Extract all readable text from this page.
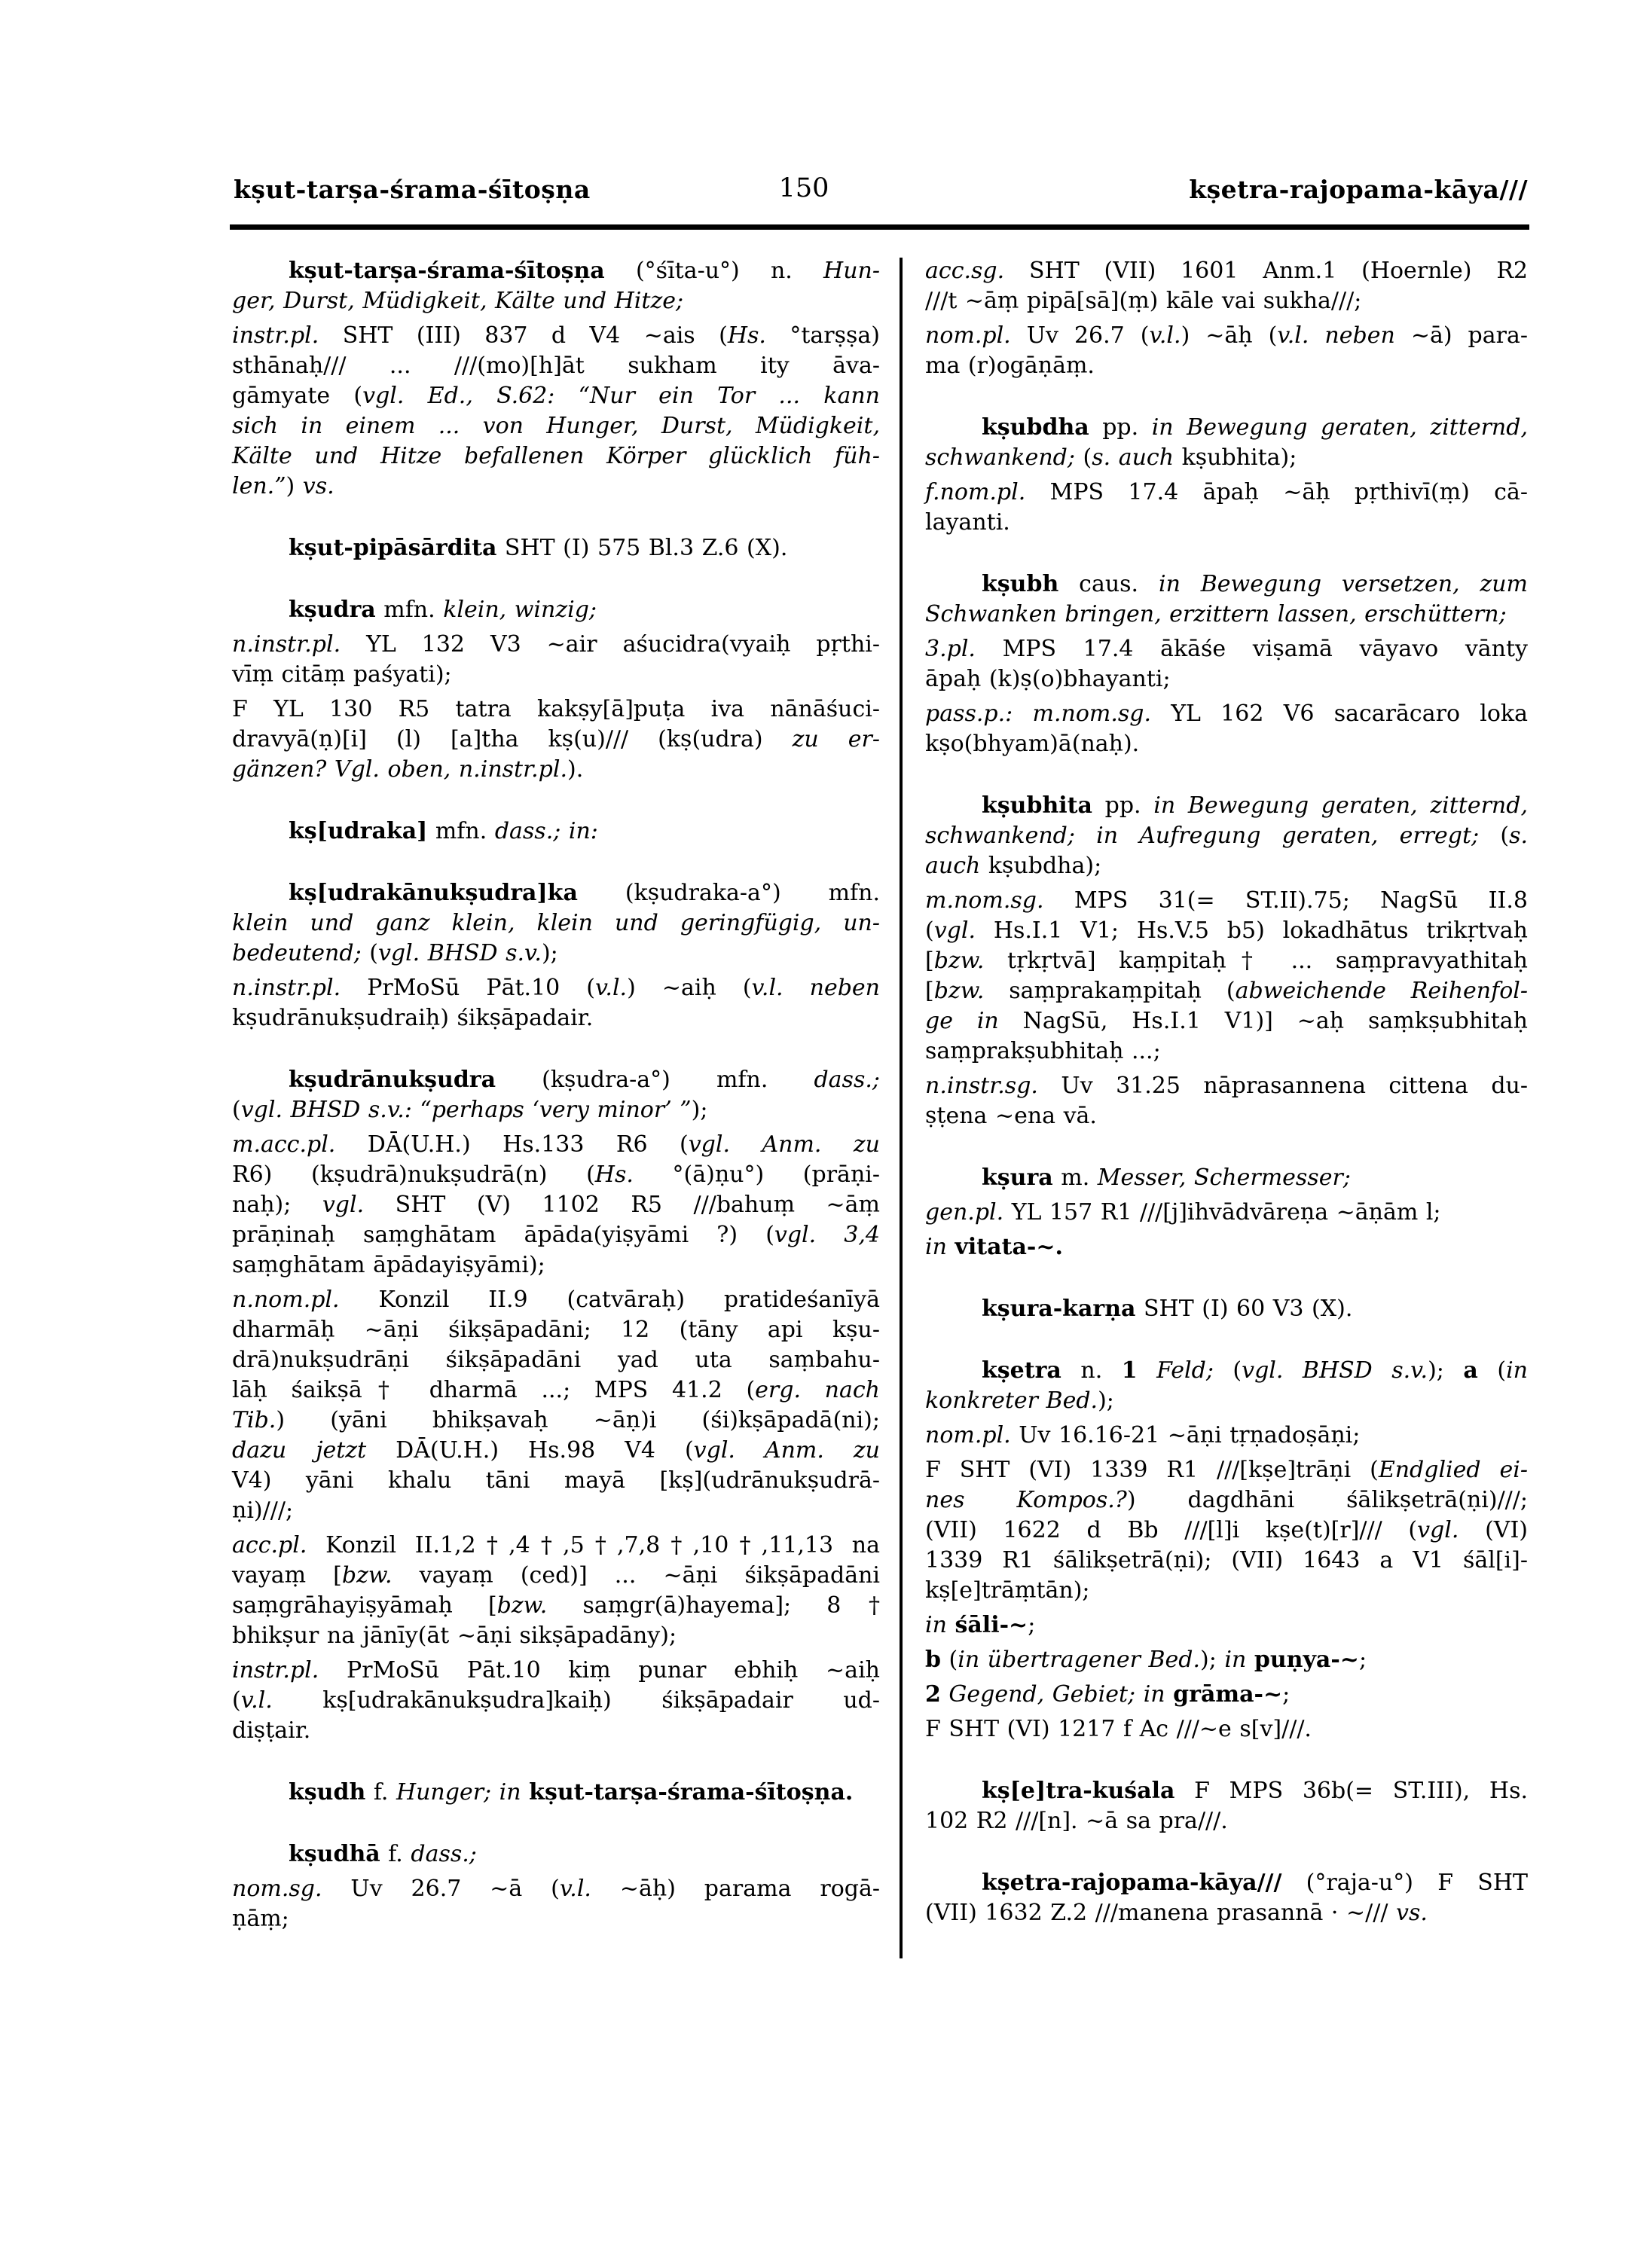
kṣut-tarṣa-śrama-śītoṣṇa	150	kṣetra-rajopama-kāya///
kṣut-tarṣa-śrama-śītoṣṇa (°śīta-u°) n. Hun-
ger, Durst, Müdigkeit, Kälte und Hitze;
instr.pl. SHT (III) 837 d V4 ~ais (Hs. °tarṣṣa)
sthānaḥ/// ... ///(mo)[h]āt sukham ity āva-
gāmyate (vgl. Ed., S.62: “Nur ein Tor ... kann
sich in einem ... von Hunger, Durst, Müdigkeit,
Kälte und Hitze befallenen Körper glücklich füh-
len.”) vs.
kṣut-pipāsārdita SHT (I) 575 Bl.3 Z.6 (X).
kṣudra mfn. klein, winzig;
n.instr.pl. YL 132 V3 ~air aśucidra(vyaiḥ pṛthi-
vīṃ citāṃ paśyati);
F YL 130 R5 tatra kakṣy[ā]puṭa iva nānāśuci-
dravyā(ṇ)[i] (l) [a]tha kṣ(u)/// (kṣ(udra) zu er-
gänzen? Vgl. oben, n.instr.pl.).
kṣ[udraka] mfn. dass.; in:
kṣ[udrakānukṣudra]ka (kṣudraka-a°) mfn.
klein und ganz klein, klein und geringfügig, un-
bedeutend; (vgl. BHSD s.v.);
n.instr.pl. PrMoSū Pāt.10 (v.l.) ~aiḥ (v.l. neben
kṣudrānukṣudraiḥ) śikṣāpadair.
kṣudrānukṣudra (kṣudra-a°) mfn. dass.;
(vgl. BHSD s.v.: “perhaps ‘very minor’ ”);
m.acc.pl. DĀ(U.H.) Hs.133 R6 (vgl. Anm. zu
R6) (kṣudrā)nukṣudrā(n) (Hs. °(ā)ṇu°) (prāṇi-
naḥ); vgl. SHT (V) 1102 R5 ///bahuṃ ~āṃ
prāṇinaḥ saṃghātam āpāda(yiṣyāmi ?) (vgl. 3,4
saṃghātam āpādayiṣyāmi);
n.nom.pl. Konzil II.9 (catvāraḥ) pratideśanīyā
dharmāḥ ~āṇi śikṣāpadāni; 12 (tāny api kṣu-
drā)nukṣudrāṇi śikṣāpadāni yad uta saṃbahu-
lāḥ śaikṣā† dharmā ...; MPS 41.2 (erg. nach
Tib.) (yāni bhikṣavaḥ ~āṇ)i (śi)kṣāpadā(ni);
dazu jetzt DĀ(U.H.) Hs.98 V4 (vgl. Anm. zu
V4) yāni khalu tāni mayā [kṣ](udrānukṣudrā-
ṇi)///;
acc.pl. Konzil II.1,2†,4†,5†,7,8†,10†,11,13 na
vayaṃ [bzw. vayaṃ (ced)] ... ~āṇi śikṣāpadāni
saṃgrāhayiṣyāmaḥ [bzw. saṃgr(ā)hayema]; 8†
bhikṣur na jānīy(āt ~āṇi sikṣāpadāny);
instr.pl. PrMoSū Pāt.10 kiṃ punar ebhiḥ ~aiḥ
(v.l. kṣ[udrakānukṣudra]kaiḥ) śikṣāpadair ud-
diṣṭair.
kṣudh f. Hunger; in kṣut-tarṣa-śrama-śītoṣṇa.
kṣudhā f. dass.;
nom.sg. Uv 26.7 ~ā (v.l. ~āḥ) parama rogā-
ṇāṃ;
acc.sg. SHT (VII) 1601 Anm.1 (Hoernle) R2
///t ~āṃ pipā[sā](ṃ) kāle vai sukha///;
nom.pl. Uv 26.7 (v.l.) ~āḥ (v.l. neben ~ā) para-
ma (r)ogāṇāṃ.
kṣubdha pp. in Bewegung geraten, zitternd,
schwankend; (s. auch kṣubhita);
f.nom.pl. MPS 17.4 āpaḥ ~āḥ pṛthivī(ṃ) cā-
layanti.
kṣubh caus. in Bewegung versetzen, zum
Schwanken bringen, erzittern lassen, erschüttern;
3.pl. MPS 17.4 ākāśe viṣamā vāyavo vānty
āpaḥ (k)ṣ(o)bhayanti;
pass.p.: m.nom.sg. YL 162 V6 sacarācaro loka
kṣo(bhyam)ā(naḥ).
kṣubhita pp. in Bewegung geraten, zitternd,
schwankend; in Aufregung geraten, erregt; (s.
auch kṣubdha);
m.nom.sg. MPS 31(= ST.II).75; NagSū II.8
(vgl. Hs.I.1 V1; Hs.V.5 b5) lokadhātus trikṛtvaḥ
[bzw. tṛkṛtvā] kaṃpitaḥ† ... saṃpravyathitaḥ
[bzw. saṃprakaṃpitaḥ (abweichende Reihenfol-
ge in NagSū, Hs.I.1 V1)] ~aḥ saṃkṣubhitaḥ
saṃprakṣubhitaḥ ...;
n.instr.sg. Uv 31.25 nāprasannena cittena du-
ṣṭena ~ena vā.
kṣura m. Messer, Schermesser;
gen.pl. YL 157 R1 ///[j]ihvādvāreṇa ~āṇām l;
in vitata-~.
kṣura-karṇa SHT (I) 60 V3 (X).
kṣetra n. 1 Feld; (vgl. BHSD s.v.); a (in
konkreter Bed.);
nom.pl. Uv 16.16-21 ~āṇi tṛṇadoṣāṇi;
F SHT (VI) 1339 R1 ///[kṣe]trāṇi (Endglied ei-
nes Kompos.?) dagdhāni śālikṣetrā(ṇi)///;
(VII) 1622 d Bb ///[l]i kṣe(t)[r]/// (vgl. (VI)
1339 R1 śālikṣetrā(ṇi); (VII) 1643 a V1 śāl[i]-
kṣ[e]trāṃtān);
in śāli-~;
b (in übertragener Bed.); in puṇya-~;
2 Gegend, Gebiet; in grāma-~;
F SHT (VI) 1217 f Ac ///~e s[v]///.
kṣ[e]tra-kuśala F MPS 36b(= ST.III), Hs.
102 R2 ///[n]. ~ā sa pra///.
kṣetra-rajopama-kāya/// (°raja-u°) F SHT
(VII) 1632 Z.2 ///manena prasannā · ~/// vs.
